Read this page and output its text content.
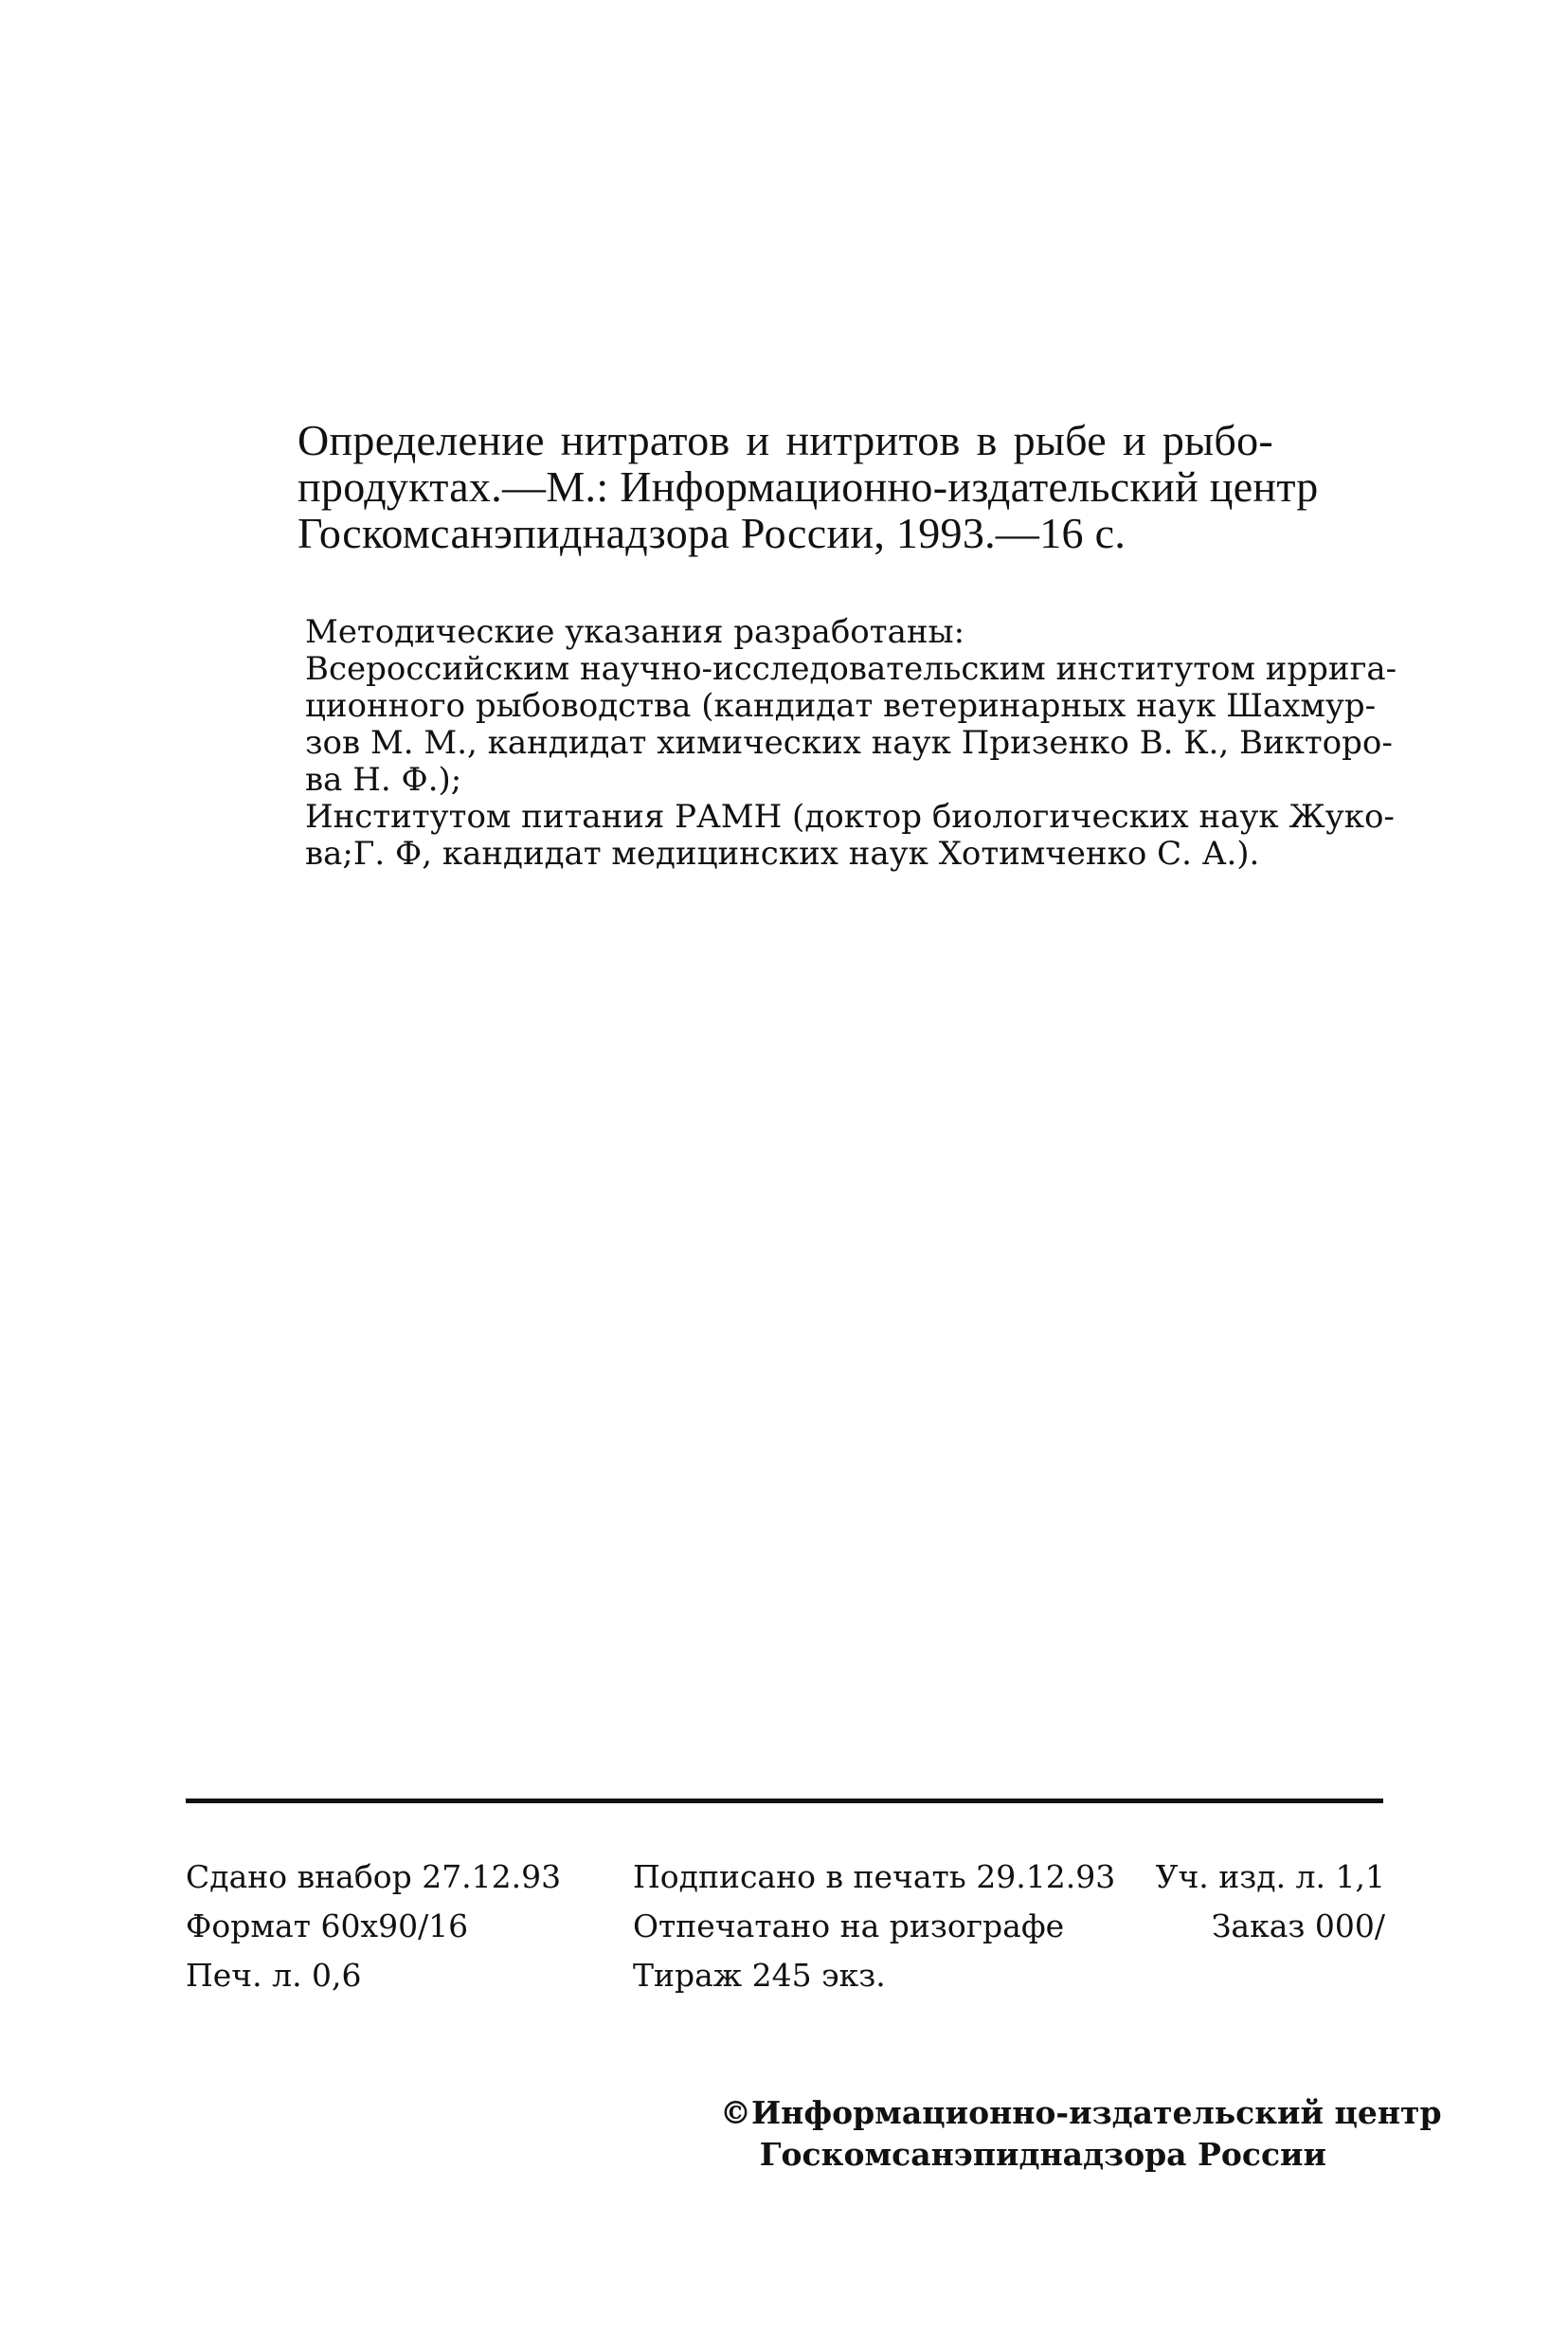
Определение нитратов и нитритов в рыбе и рыбо-
продуктах.—М.: Информационно-издательский центр
Госкомсанэпиднадзора России, 1993.—16 с.
Методические указания разработаны:
Всероссийским научно-исследовательским институтом ирригa-
ционного рыбоводства (кандидат ветеринарных наук Шахмур-
зов М. М., кандидат химических наук Призенко В. К., Викторо-
ва Н. Ф.);
Институтом питания РАМН (доктор биологических наук Жуко-
ва;Г. Ф, кандидат медицинских наук Хотимченко С. А.).
Сдано внабор 27.12.93
Формат 60х90/16
Печ. л. 0,6
Подписано в печать 29.12.93
Отпечатано на ризографе
Тираж 245 экз.
Уч. изд. л. 1,1
Заказ 000/
©Информационно-издательский центр
Госкомсанэпиднадзора России
